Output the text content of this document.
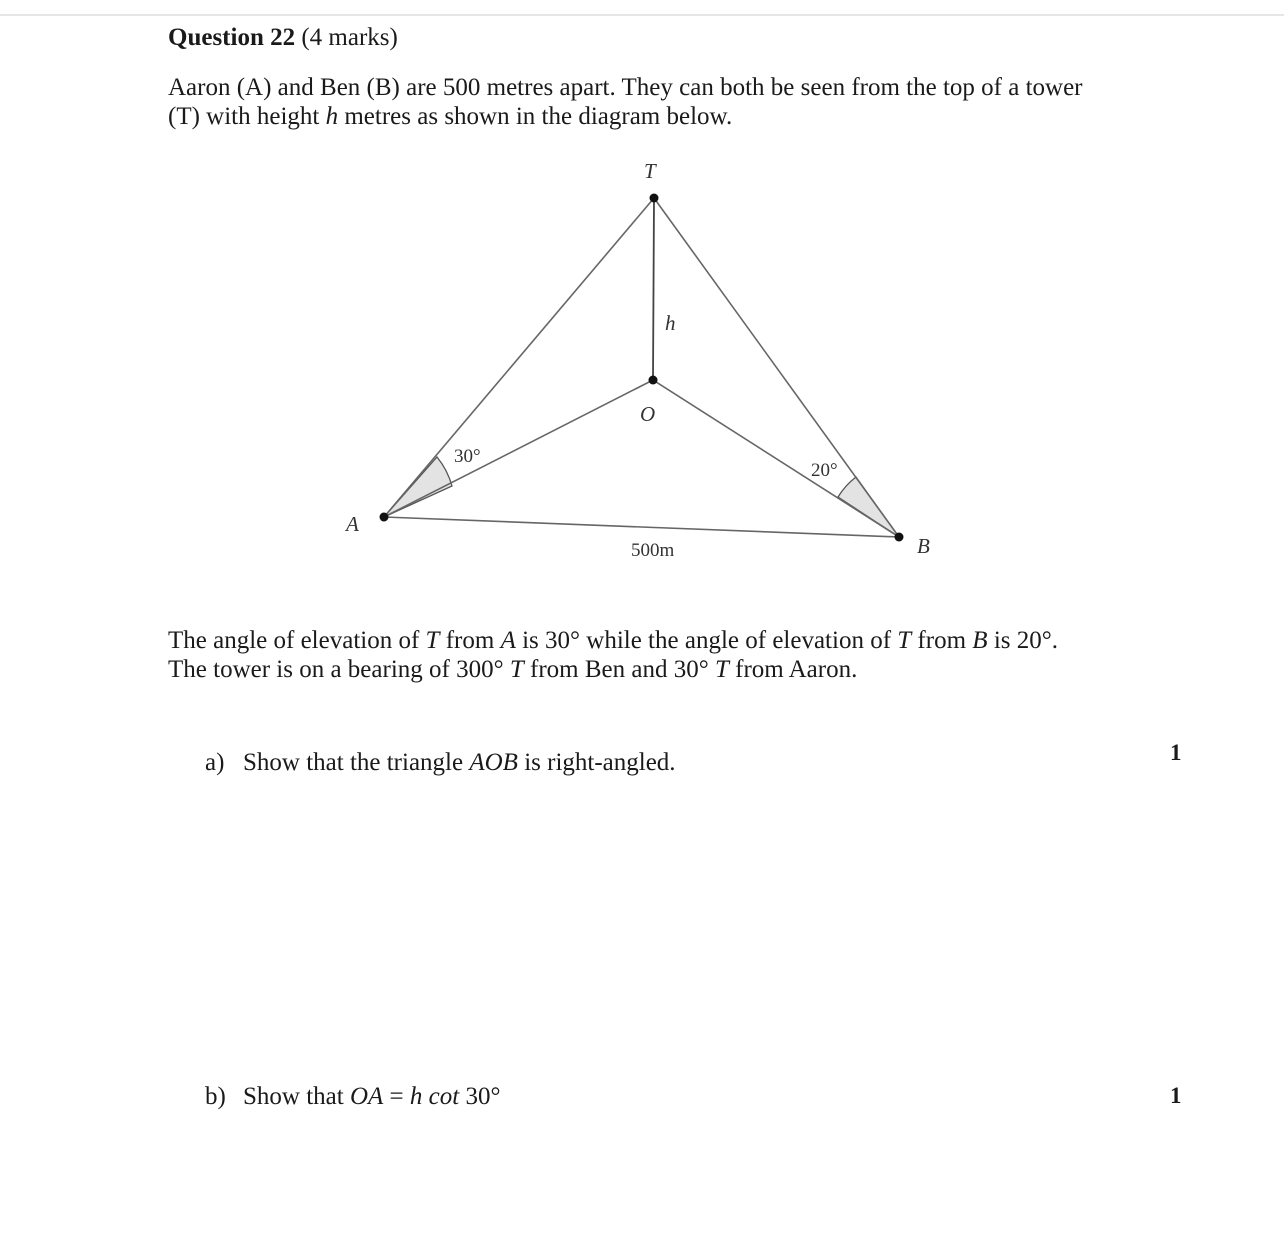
Question 22 (4 marks)
Aaron (A) and Ben (B) are 500 metres apart. They can both be seen from the top of a tower
(T) with height h metres as shown in the diagram below.
T
h
O
A
B
30°
20°
500m
The angle of elevation of T from A is 30° while the angle of elevation of T from B is 20°.
The tower is on a bearing of 300° T from Ben and 30° T from Aaron.
a) Show that the triangle AOB is right-angled.	1
b) Show that OA = h cot 30°	1
